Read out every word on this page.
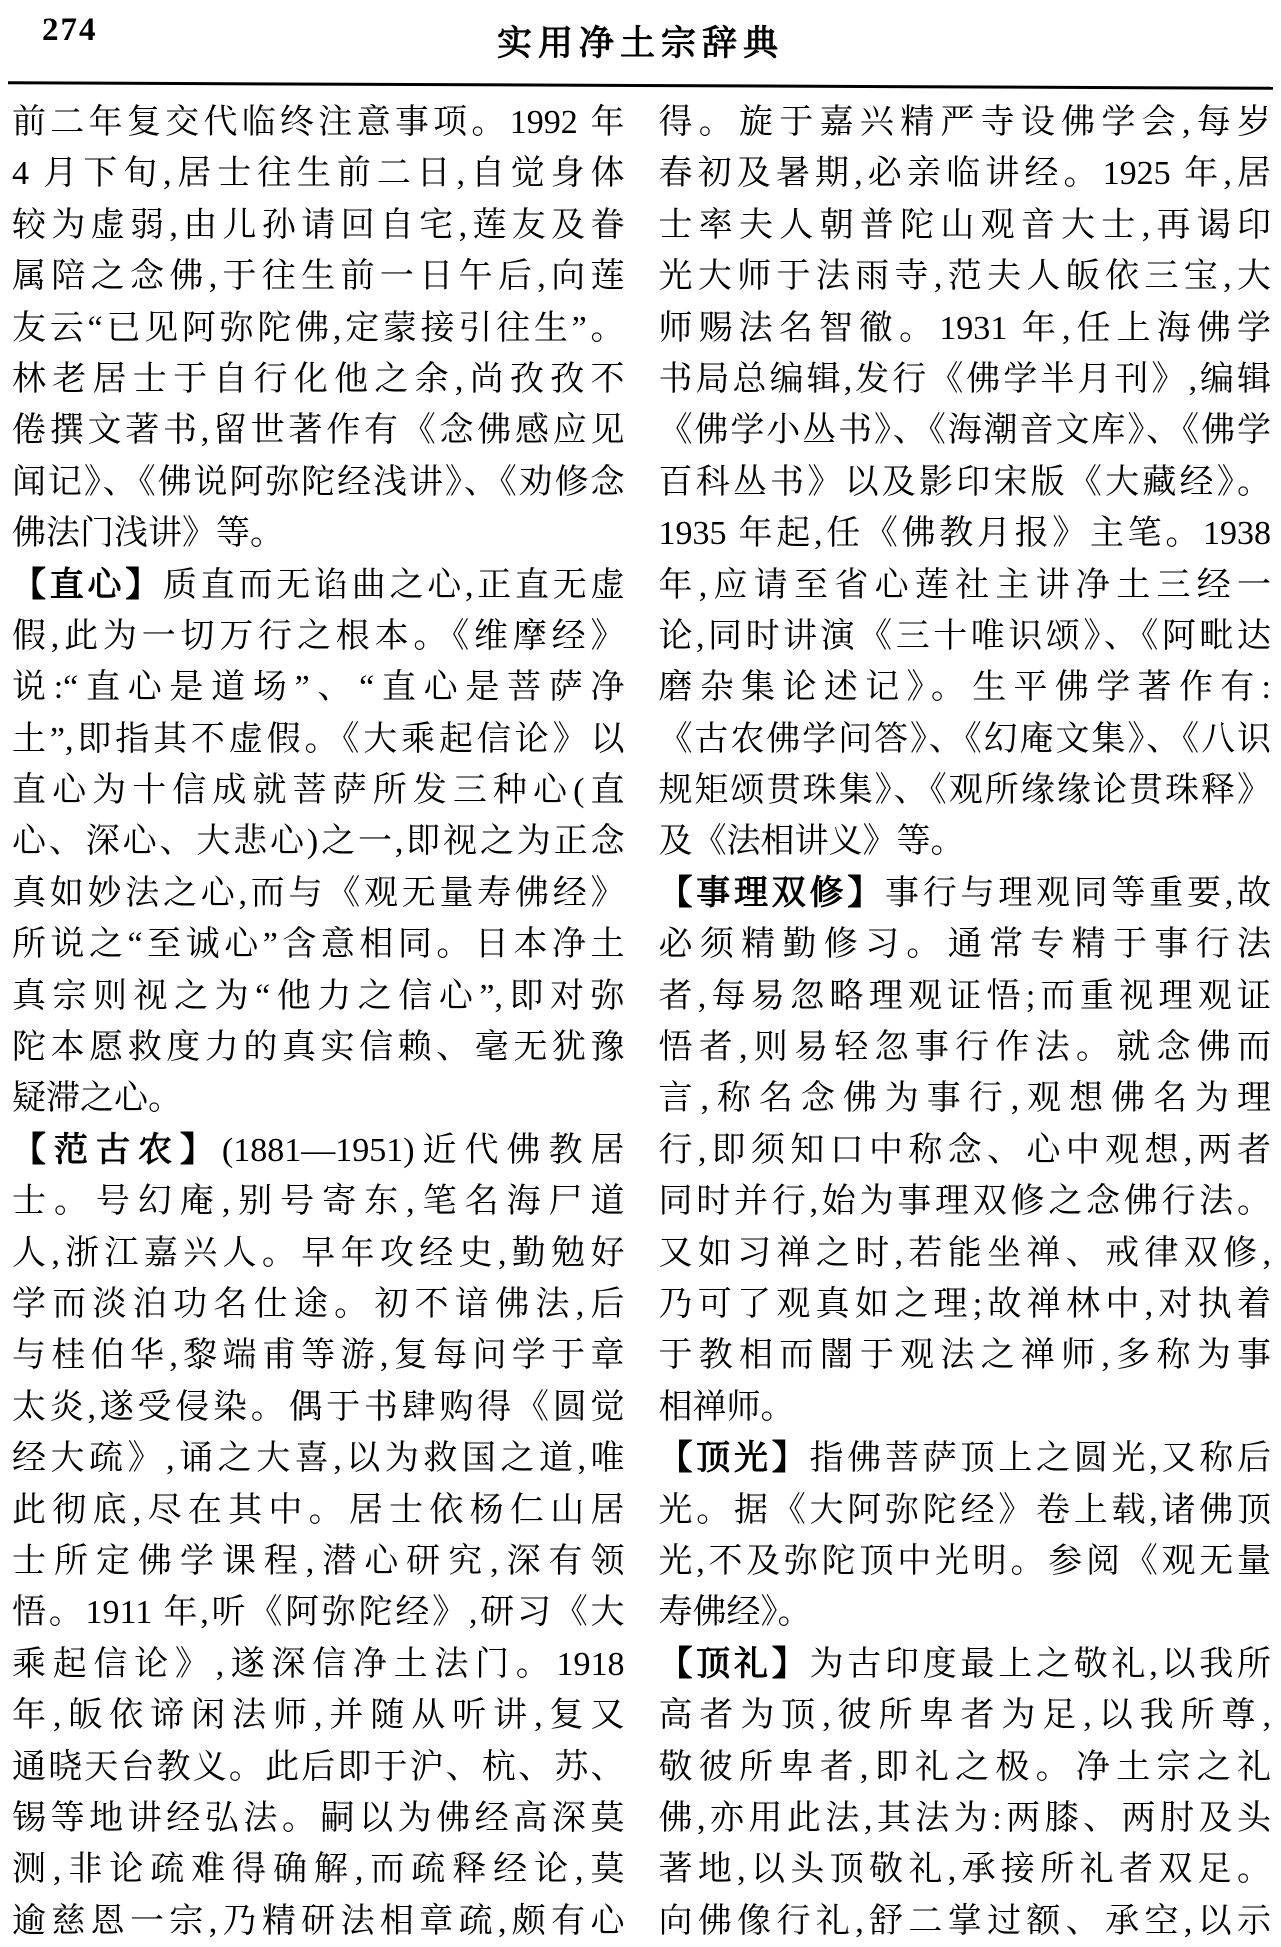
274	实用净土宗辞典
前二年复交代临终注意事项。1992 年
4 月下旬,居士往生前二日,自觉身体
较为虚弱,由儿孙请回自宅,莲友及眷
属陪之念佛,于往生前一日午后,向莲
友云“已见阿弥陀佛,定蒙接引往生”。
林老居士于自行化他之余,尚孜孜不
倦撰文著书,留世著作有《念佛感应见
闻记》、《佛说阿弥陀经浅讲》、《劝修念
佛法门浅讲》等。
【直心】质直而无谄曲之心,正直无虚
假,此为一切万行之根本。《维摩经》
说:“直心是道场”、“直心是菩萨净
土”,即指其不虚假。《大乘起信论》以
直心为十信成就菩萨所发三种心(直
心、深心、大悲心)之一,即视之为正念
真如妙法之心,而与《观无量寿佛经》
所说之“至诚心”含意相同。日本净土
真宗则视之为“他力之信心”,即对弥
陀本愿救度力的真实信赖、毫无犹豫
疑滞之心。
【范古农】(1881—1951)近代佛教居
士。号幻庵,别号寄东,笔名海尸道
人,浙江嘉兴人。早年攻经史,勤勉好
学而淡泊功名仕途。初不谙佛法,后
与桂伯华,黎端甫等游,复每问学于章
太炎,遂受侵染。偶于书肆购得《圆觉
经大疏》,诵之大喜,以为救国之道,唯
此彻底,尽在其中。居士依杨仁山居
士所定佛学课程,潜心研究,深有领
悟。1911 年,听《阿弥陀经》,研习《大
乘起信论》,遂深信净土法门。1918
年,皈依谛闲法师,并随从听讲,复又
通晓天台教义。此后即于沪、杭、苏、
锡等地讲经弘法。嗣以为佛经高深莫
测,非论疏难得确解,而疏释经论,莫
逾慈恩一宗,乃精研法相章疏,颇有心
得。旋于嘉兴精严寺设佛学会,每岁
春初及暑期,必亲临讲经。1925 年,居
士率夫人朝普陀山观音大士,再谒印
光大师于法雨寺,范夫人皈依三宝,大
师赐法名智徹。1931 年,任上海佛学
书局总编辑,发行《佛学半月刊》,编辑
《佛学小丛书》、《海潮音文库》、《佛学
百科丛书》以及影印宋版《大藏经》。
1935 年起,任《佛教月报》主笔。1938
年,应请至省心莲社主讲净土三经一
论,同时讲演《三十唯识颂》、《阿毗达
磨杂集论述记》。生平佛学著作有:
《古农佛学问答》、《幻庵文集》、《八识
规矩颂贯珠集》、《观所缘缘论贯珠释》
及《法相讲义》等。
【事理双修】事行与理观同等重要,故
必须精勤修习。通常专精于事行法
者,每易忽略理观证悟;而重视理观证
悟者,则易轻忽事行作法。就念佛而
言,称名念佛为事行,观想佛名为理
行,即须知口中称念、心中观想,两者
同时并行,始为事理双修之念佛行法。
又如习禅之时,若能坐禅、戒律双修,
乃可了观真如之理;故禅林中,对执着
于教相而闇于观法之禅师,多称为事
相禅师。
【顶光】指佛菩萨顶上之圆光,又称后
光。据《大阿弥陀经》卷上载,诸佛顶
光,不及弥陀顶中光明。参阅《观无量
寿佛经》。
【顶礼】为古印度最上之敬礼,以我所
高者为顶,彼所卑者为足,以我所尊,
敬彼所卑者,即礼之极。净土宗之礼
佛,亦用此法,其法为:两膝、两肘及头
著地,以头顶敬礼,承接所礼者双足。
向佛像行礼,舒二掌过额、承空,以示
